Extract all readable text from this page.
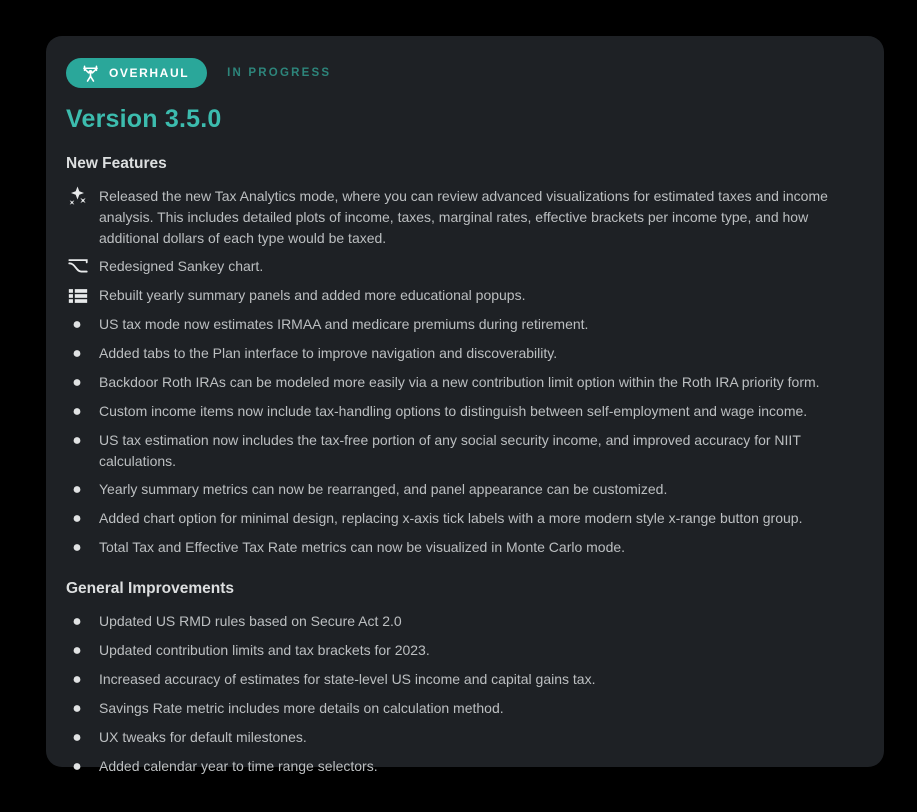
OVERHAUL	IN PROGRESS
Version 3.5.0
New Features
Released the new Tax Analytics mode, where you can review advanced visualizations for estimated taxes and income analysis. This includes detailed plots of income, taxes, marginal rates, effective brackets per income type, and how additional dollars of each type would be taxed.
Redesigned Sankey chart.
Rebuilt yearly summary panels and added more educational popups.
US tax mode now estimates IRMAA and medicare premiums during retirement.
Added tabs to the Plan interface to improve navigation and discoverability.
Backdoor Roth IRAs can be modeled more easily via a new contribution limit option within the Roth IRA priority form.
Custom income items now include tax-handling options to distinguish between self-employment and wage income.
US tax estimation now includes the tax-free portion of any social security income, and improved accuracy for NIIT calculations.
Yearly summary metrics can now be rearranged, and panel appearance can be customized.
Added chart option for minimal design, replacing x-axis tick labels with a more modern style x-range button group.
Total Tax and Effective Tax Rate metrics can now be visualized in Monte Carlo mode.
General Improvements
Updated US RMD rules based on Secure Act 2.0
Updated contribution limits and tax brackets for 2023.
Increased accuracy of estimates for state-level US income and capital gains tax.
Savings Rate metric includes more details on calculation method.
UX tweaks for default milestones.
Added calendar year to time range selectors.
